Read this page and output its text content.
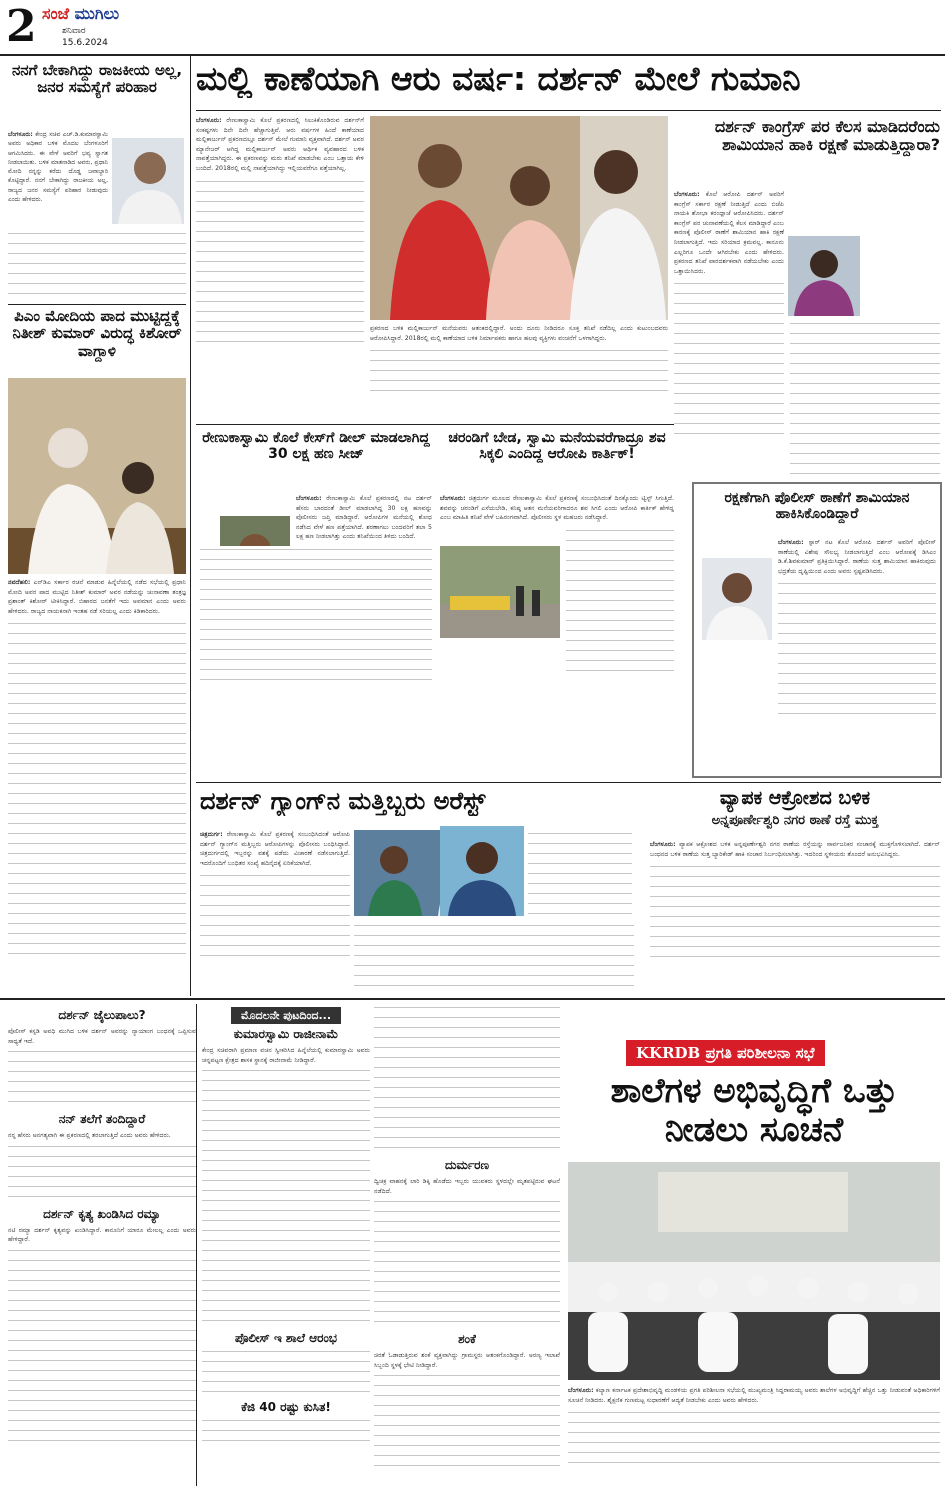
2 ಸಂಜೆ ಮುಗಿಲು
ಶನಿವಾರ
15.6.2024
ನನಗೆ ಬೇಕಾಗಿದ್ದು ರಾಜಕೀಯ ಅಲ್ಲ, ಜನರ ಸಮಸ್ಯೆಗೆ ಪರಿಹಾರ
ಬೆಂಗಳೂರು: ಕೇಂದ್ರ ಸಚಿವ ಎಚ್.ಡಿ.ಕುಮಾರಸ್ವಾಮಿ ಅವರು ಅಧಿಕಾರ ಬಳಿಕ ಮೊದಲ ಬೆಂಗಳೂರಿಗೆ ಆಗಮಿಸಿದರು. ಈ ವೇಳೆ ಅವರಿಗೆ ಭವ್ಯ ಸ್ವಾಗತ ನೀಡಲಾಯಿತು. ಬಳಿಕ ಮಾತನಾಡಿದ ಅವರು, ಪ್ರಧಾನಿ ಮೋದಿ ನನ್ನನ್ನು ಕರೆದು ದೊಡ್ಡ ಜವಾಬ್ದಾರಿ ಕೊಟ್ಟಿದ್ದಾರೆ. ನನಗೆ ಬೇಕಾಗಿದ್ದು ರಾಜಕೀಯ ಅಲ್ಲ, ರಾಜ್ಯದ ಜನರ ಸಮಸ್ಯೆಗೆ ಪರಿಹಾರ ನೀಡುವುದು ಎಂದು ಹೇಳಿದರು.
ಪಿಎಂ ಮೋದಿಯ ಪಾದ ಮುಟ್ಟಿದ್ದಕ್ಕೆ ನಿತೀಶ್ ಕುಮಾರ್ ವಿರುದ್ಧ ಕಿಶೋರ್ ವಾಗ್ದಾಳಿ
ನವದೆಹಲಿ: ಎನ್‌ಡಿಎ ಸರ್ಕಾರ ರಚನೆ ಮಾಡುವ ಹಿನ್ನೆಲೆಯಲ್ಲಿ ನಡೆದ ಸಭೆಯಲ್ಲಿ ಪ್ರಧಾನಿ ಮೋದಿ ಅವರ ಪಾದ ಮುಟ್ಟಿದ ನಿತೀಶ್ ಕುಮಾರ್ ಅವರ ನಡೆಯನ್ನು ಚುನಾವಣಾ ತಂತ್ರಜ್ಞ ಪ್ರಶಾಂತ್ ಕಿಶೋರ್ ಟೀಕಿಸಿದ್ದಾರೆ. ಬಿಹಾರದ ಜನತೆಗೆ ಇದು ಅವಮಾನ ಎಂದು ಅವರು ಹೇಳಿದರು. ರಾಜ್ಯದ ನಾಯಕನಾಗಿ ಇಂತಹ ನಡೆ ಸರಿಯಲ್ಲ ಎಂದು ಕಿಡಿಕಾರಿದರು.
ಮಲ್ಲಿ ಕಾಣೆಯಾಗಿ ಆರು ವರ್ಷ: ದರ್ಶನ್ ಮೇಲೆ ಗುಮಾನಿ
ಬೆಂಗಳೂರು: ರೇಣುಕಾಸ್ವಾಮಿ ಕೊಲೆ ಪ್ರಕರಣದಲ್ಲಿ ಸಿಲುಕಿಕೊಂಡಿರುವ ದರ್ಶನ್‌ಗೆ ಸಂಕಷ್ಟಗಳು ದಿನೇ ದಿನೇ ಹೆಚ್ಚಾಗುತ್ತಿವೆ. ಆರು ವರ್ಷಗಳ ಹಿಂದೆ ಕಾಣೆಯಾದ ಮಲ್ಲಿಕಾರ್ಜುನ್ ಪ್ರಕರಣದಲ್ಲೂ ದರ್ಶನ್ ಮೇಲೆ ಗುಮಾನಿ ವ್ಯಕ್ತವಾಗಿದೆ. ದರ್ಶನ್ ಅವರ ಮ್ಯಾನೇಜರ್ ಆಗಿದ್ದ ಮಲ್ಲಿಕಾರ್ಜುನ್ ಅವರು ಆರ್ಥಿಕ ವ್ಯವಹಾರದ ಬಳಿಕ ನಾಪತ್ತೆಯಾಗಿದ್ದರು. ಈ ಪ್ರಕರಣವನ್ನು ಮರು ತನಿಖೆ ಮಾಡಬೇಕು ಎಂಬ ಒತ್ತಾಯ ಕೇಳಿ ಬಂದಿದೆ. 2018ರಲ್ಲಿ ಮಲ್ಲಿ ನಾಪತ್ತೆಯಾಗಿದ್ದು ಇಲ್ಲಿಯವರೆಗೂ ಪತ್ತೆಯಾಗಿಲ್ಲ.
ಪ್ರಕರಣದ ಬಳಿಕ ಮಲ್ಲಿಕಾರ್ಜುನ್ ಮನೆಯವರು ಆತಂಕದಲ್ಲಿದ್ದಾರೆ. ಅಂದು ದೂರು ನೀಡಿದರೂ ಸೂಕ್ತ ತನಿಖೆ ನಡೆದಿಲ್ಲ ಎಂದು ಕುಟುಂಬದವರು ಆರೋಪಿಸಿದ್ದಾರೆ. 2018ರಲ್ಲಿ ಮಲ್ಲಿ ಕಾಣೆಯಾದ ಬಳಿಕ ನಿರ್ಮಾಪಕರು ಹಾಗೂ ಹಲವು ವ್ಯಕ್ತಿಗಳು ವಂಚನೆಗೆ ಒಳಗಾಗಿದ್ದರು.
ದರ್ಶನ್ ಕಾಂಗ್ರೆಸ್ ಪರ ಕೆಲಸ ಮಾಡಿದರೆಂದು ಶಾಮಿಯಾನ ಹಾಕಿ ರಕ್ಷಣೆ ಮಾಡುತ್ತಿದ್ದಾರಾ?
ಬೆಂಗಳೂರು: ಕೊಲೆ ಆರೋಪಿ ದರ್ಶನ್ ಅವರಿಗೆ ಕಾಂಗ್ರೆಸ್ ಸರ್ಕಾರ ರಕ್ಷಣೆ ನೀಡುತ್ತಿದೆ ಎಂದು ಬಿಜೆಪಿ ನಾಯಕಿ ಶೋಭಾ ಕರಂದ್ಲಾಜೆ ಆರೋಪಿಸಿದರು. ದರ್ಶನ್ ಕಾಂಗ್ರೆಸ್ ಪರ ಚುನಾವಣೆಯಲ್ಲಿ ಕೆಲಸ ಮಾಡಿದ್ದಾರೆ ಎಂಬ ಕಾರಣಕ್ಕೆ ಪೊಲೀಸ್ ಠಾಣೆಗೆ ಶಾಮಿಯಾನ ಹಾಕಿ ರಕ್ಷಣೆ ನೀಡಲಾಗುತ್ತಿದೆ. ಇದು ಸರಿಯಾದ ಕ್ರಮವಲ್ಲ. ಕಾನೂನು ಎಲ್ಲರಿಗೂ ಒಂದೇ ಆಗಿರಬೇಕು ಎಂದು ಹೇಳಿದರು. ಪ್ರಕರಣದ ತನಿಖೆ ಪಾರದರ್ಶಕವಾಗಿ ನಡೆಯಬೇಕು ಎಂದು ಒತ್ತಾಯಿಸಿದರು.
ರೇಣುಕಾಸ್ವಾಮಿ ಕೊಲೆ ಕೇಸ್‌ಗೆ ಡೀಲ್ ಮಾಡಲಾಗಿದ್ದ 30 ಲಕ್ಷ ಹಣ ಸೀಜ್
ಬೆಂಗಳೂರು: ರೇಣುಕಾಸ್ವಾಮಿ ಕೊಲೆ ಪ್ರಕರಣದಲ್ಲಿ ನಟ ದರ್ಶನ್ ಹೆಸರು ಬಾರದಂತೆ ಡೀಲ್ ಮಾಡಲಾಗಿದ್ದ 30 ಲಕ್ಷ ಹಣವನ್ನು ಪೊಲೀಸರು ಜಪ್ತಿ ಮಾಡಿದ್ದಾರೆ. ಆರೋಪಿಗಳ ಮನೆಯಲ್ಲಿ ಶೋಧ ನಡೆಸಿದ ವೇಳೆ ಹಣ ಪತ್ತೆಯಾಗಿದೆ. ಶರಣಾಗಲು ಬಂದವರಿಗೆ ತಲಾ 5 ಲಕ್ಷ ಹಣ ನೀಡಲಾಗಿತ್ತು ಎಂದು ತನಿಖೆಯಿಂದ ತಿಳಿದು ಬಂದಿದೆ.
ಚರಂಡಿಗೆ ಬೇಡ, ಸ್ವಾಮಿ ಮನೆಯವರೆಗಾದ್ರೂ ಶವ ಸಿಕ್ಕಲಿ ಎಂದಿದ್ದ ಆರೋಪಿ ಕಾರ್ತಿಕ್!
ಬೆಂಗಳೂರು: ಚಿತ್ರದುರ್ಗ ಮೂಲದ ರೇಣುಕಾಸ್ವಾಮಿ ಕೊಲೆ ಪ್ರಕರಣಕ್ಕೆ ಸಂಬಂಧಿಸಿದಂತೆ ದಿನಕ್ಕೊಂದು ಟ್ವಿಸ್ಟ್ ಸಿಗುತ್ತಿದೆ. ಶವವನ್ನು ಚರಂಡಿಗೆ ಎಸೆಯಬೇಡಿ, ಕನಿಷ್ಠ ಆತನ ಮನೆಯವರಿಗಾದರೂ ಶವ ಸಿಗಲಿ ಎಂದು ಆರೋಪಿ ಕಾರ್ತಿಕ್ ಹೇಳಿದ್ದ ಎಂಬ ಮಾಹಿತಿ ತನಿಖೆ ವೇಳೆ ಬಹಿರಂಗವಾಗಿದೆ. ಪೊಲೀಸರು ಸ್ಥಳ ಮಹಜರು ನಡೆಸಿದ್ದಾರೆ.
ರಕ್ಷಣೆಗಾಗಿ ಪೊಲೀಸ್ ಠಾಣೆಗೆ ಶಾಮಿಯಾನ ಹಾಕಿಸಿಕೊಂಡಿದ್ದಾರೆ
ಬೆಂಗಳೂರು: ಸ್ಟಾರ್ ನಟ ಕೊಲೆ ಆರೋಪಿ ದರ್ಶನ್ ಅವರಿಗೆ ಪೊಲೀಸ್ ಠಾಣೆಯಲ್ಲಿ ವಿಶೇಷ ಸೌಲಭ್ಯ ನೀಡಲಾಗುತ್ತಿದೆ ಎಂಬ ಆರೋಪಕ್ಕೆ ಡಿಸಿಎಂ ಡಿ.ಕೆ.ಶಿವಕುಮಾರ್ ಪ್ರತಿಕ್ರಿಯಿಸಿದ್ದಾರೆ. ಠಾಣೆಯ ಸುತ್ತ ಶಾಮಿಯಾನ ಹಾಕಿರುವುದು ಭದ್ರತೆಯ ದೃಷ್ಟಿಯಿಂದ ಎಂದು ಅವರು ಸ್ಪಷ್ಟಪಡಿಸಿದರು.
ದರ್ಶನ್ ಗ್ಯಾಂಗ್‌ನ ಮತ್ತಿಬ್ಬರು ಅರೆಸ್ಟ್
ಚಿತ್ರದುರ್ಗ: ರೇಣುಕಾಸ್ವಾಮಿ ಕೊಲೆ ಪ್ರಕರಣಕ್ಕೆ ಸಂಬಂಧಿಸಿದಂತೆ ಆರೋಪಿ ದರ್ಶನ್ ಗ್ಯಾಂಗ್‌ನ ಮತ್ತಿಬ್ಬರು ಆರೋಪಿಗಳನ್ನು ಪೊಲೀಸರು ಬಂಧಿಸಿದ್ದಾರೆ. ಚಿತ್ರದುರ್ಗದಲ್ಲಿ ಇಬ್ಬರನ್ನು ವಶಕ್ಕೆ ಪಡೆದು ವಿಚಾರಣೆ ನಡೆಸಲಾಗುತ್ತಿದೆ. ಇದರೊಂದಿಗೆ ಬಂಧಿತರ ಸಂಖ್ಯೆ ಹದಿನೈದಕ್ಕೆ ಏರಿಕೆಯಾಗಿದೆ.
ವ್ಯಾಪಕ ಆಕ್ರೋಶದ ಬಳಿಕ
ಅನ್ನಪೂರ್ಣೇಶ್ವರಿ ನಗರ ಠಾಣೆ ರಸ್ತೆ ಮುಕ್ತ
ಬೆಂಗಳೂರು: ವ್ಯಾಪಕ ಆಕ್ರೋಶದ ಬಳಿಕ ಅನ್ನಪೂರ್ಣೇಶ್ವರಿ ನಗರ ಠಾಣೆಯ ರಸ್ತೆಯನ್ನು ಸಾರ್ವಜನಿಕರ ಸಂಚಾರಕ್ಕೆ ಮುಕ್ತಗೊಳಿಸಲಾಗಿದೆ. ದರ್ಶನ್ ಬಂಧನದ ಬಳಿಕ ಠಾಣೆಯ ಸುತ್ತ ಬ್ಯಾರಿಕೇಡ್ ಹಾಕಿ ಸಂಚಾರ ನಿರ್ಬಂಧಿಸಲಾಗಿತ್ತು. ಇದರಿಂದ ಸ್ಥಳೀಯರು ತೊಂದರೆ ಅನುಭವಿಸಿದ್ದರು.
ದರ್ಶನ್ ಜೈಲುಪಾಲು?
ಪೊಲೀಸ್ ಕಸ್ಟಡಿ ಅವಧಿ ಮುಗಿದ ಬಳಿಕ ದರ್ಶನ್ ಅವರನ್ನು ನ್ಯಾಯಾಂಗ ಬಂಧನಕ್ಕೆ ಒಪ್ಪಿಸುವ ಸಾಧ್ಯತೆ ಇದೆ.
ನನ್ ತಲೆಗೆ ತಂದಿದ್ದಾರೆ
ನನ್ನ ಹೆಸರು ಅನಗತ್ಯವಾಗಿ ಈ ಪ್ರಕರಣದಲ್ಲಿ ತರಲಾಗುತ್ತಿದೆ ಎಂದು ಅವರು ಹೇಳಿದರು.
ದರ್ಶನ್ ಕೃತ್ಯ ಖಂಡಿಸಿದ ರಮ್ಯಾ
ನಟಿ ರಮ್ಯಾ ದರ್ಶನ್ ಕೃತ್ಯವನ್ನು ಖಂಡಿಸಿದ್ದಾರೆ. ಕಾನೂನಿಗೆ ಯಾರೂ ಮೇಲಲ್ಲ ಎಂದು ಅವರು ಹೇಳಿದ್ದಾರೆ.
ಮೊದಲನೇ ಪುಟದಿಂದ...
ಕುಮಾರಸ್ವಾಮಿ ರಾಜೀನಾಮೆ
ಕೇಂದ್ರ ಸಚಿವರಾಗಿ ಪ್ರಮಾಣ ವಚನ ಸ್ವೀಕರಿಸಿದ ಹಿನ್ನೆಲೆಯಲ್ಲಿ ಕುಮಾರಸ್ವಾಮಿ ಅವರು ಚನ್ನಪಟ್ಟಣ ಕ್ಷೇತ್ರದ ಶಾಸಕ ಸ್ಥಾನಕ್ಕೆ ರಾಜೀನಾಮೆ ನೀಡಿದ್ದಾರೆ.
ಪೊಲೀಸ್ ಇ ಶಾಲೆ ಆರಂಭ
ಕೆಜಿ 40 ರಷ್ಟು ಕುಸಿತ!
ದುರ್ಮರಣ
ದ್ವಿಚಕ್ರ ವಾಹನಕ್ಕೆ ಲಾರಿ ಡಿಕ್ಕಿ ಹೊಡೆದು ಇಬ್ಬರು ಯುವಕರು ಸ್ಥಳದಲ್ಲೇ ಮೃತಪಟ್ಟಿರುವ ಘಟನೆ ನಡೆದಿದೆ.
ಶಂಕೆ
ಚಿರತೆ ಓಡಾಡುತ್ತಿರುವ ಶಂಕೆ ವ್ಯಕ್ತವಾಗಿದ್ದು ಗ್ರಾಮಸ್ಥರು ಆತಂಕಗೊಂಡಿದ್ದಾರೆ. ಅರಣ್ಯ ಇಲಾಖೆ ಸಿಬ್ಬಂದಿ ಸ್ಥಳಕ್ಕೆ ಭೇಟಿ ನೀಡಿದ್ದಾರೆ.
KKRDB ಪ್ರಗತಿ ಪರಿಶೀಲನಾ ಸಭೆ
ಶಾಲೆಗಳ ಅಭಿವೃದ್ಧಿಗೆ ಒತ್ತು ನೀಡಲು ಸೂಚನೆ
ಬೆಂಗಳೂರು: ಕಲ್ಯಾಣ ಕರ್ನಾಟಕ ಪ್ರದೇಶಾಭಿವೃದ್ಧಿ ಮಂಡಳಿಯ ಪ್ರಗತಿ ಪರಿಶೀಲನಾ ಸಭೆಯಲ್ಲಿ ಮುಖ್ಯಮಂತ್ರಿ ಸಿದ್ದರಾಮಯ್ಯ ಅವರು ಶಾಲೆಗಳ ಅಭಿವೃದ್ಧಿಗೆ ಹೆಚ್ಚಿನ ಒತ್ತು ನೀಡುವಂತೆ ಅಧಿಕಾರಿಗಳಿಗೆ ಸೂಚನೆ ನೀಡಿದರು. ಶೈಕ್ಷಣಿಕ ಗುಣಮಟ್ಟ ಸುಧಾರಣೆಗೆ ಆದ್ಯತೆ ನೀಡಬೇಕು ಎಂದು ಅವರು ಹೇಳಿದರು.
